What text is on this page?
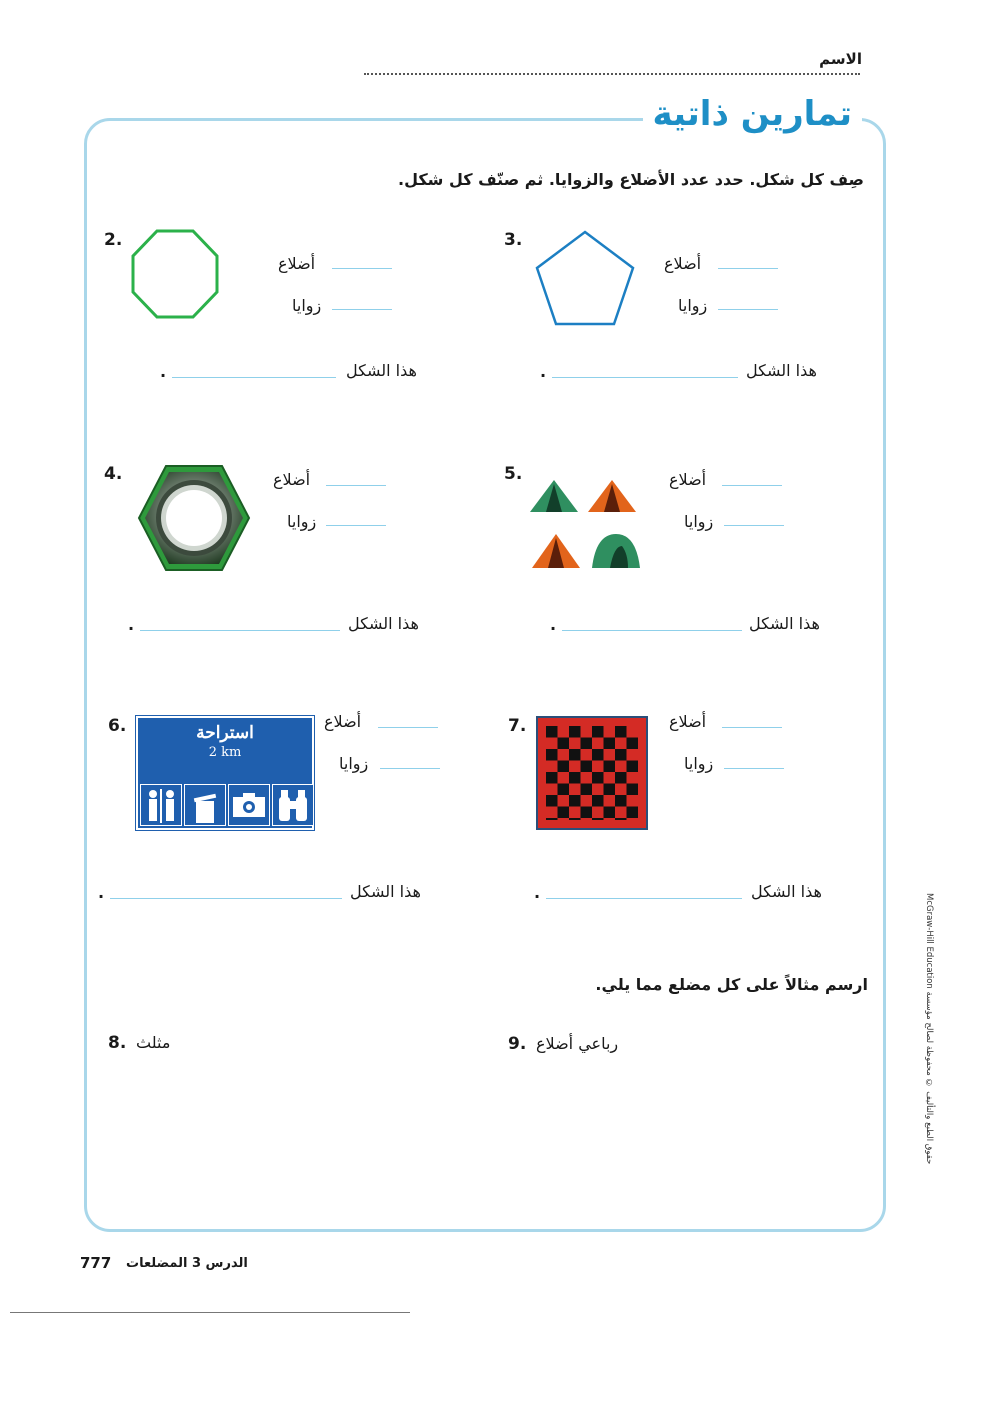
الاسم
تمارين ذاتية
صِف كل شكل. حدد عدد الأضلاع والزوايا. ثم صنّف كل شكل.
2.
أضلاع
زوايا
هذا الشكل
.
3.
أضلاع
زوايا
هذا الشكل
.
4.	أضلاع
زوايا
هذا الشكل
.
5.	أضلاع
زوايا
هذا الشكل
.
6.	استراحة
2 km
أضلاع
زوايا
هذا الشكل
.
7.	أضلاع
زوايا
هذا الشكل
.
ارسم مثالاً على كل مضلع مما يلي.
8. مثلث	9. رباعي أضلاع
777 الدرس 3 المضلعات
McGraw-Hill Education حقوق الطبع والتأليف © محفوظة لصالح مؤسسة
